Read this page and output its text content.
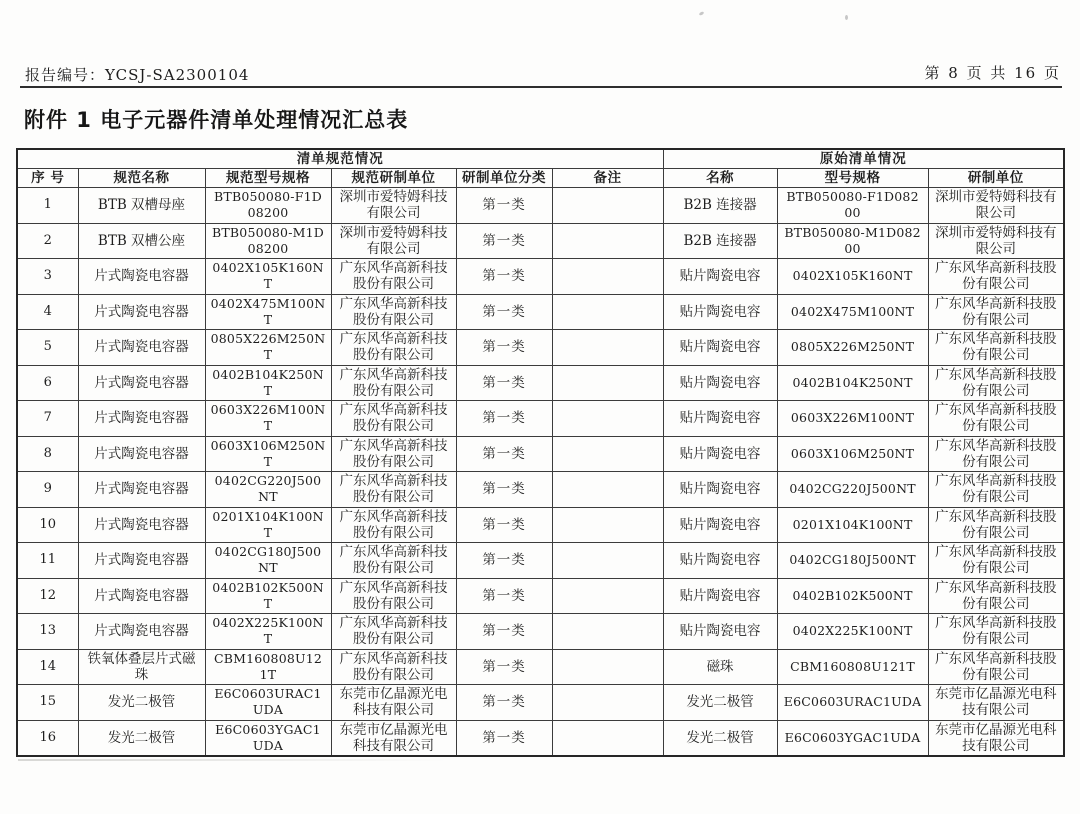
报告编号：YCSJ-SA2300104	第 8 页 共 16 页
附件 1 电子元器件清单处理情况汇总表
清单规范情况						原始清单情况		
序 号	规范名称	规范型号规格	规范研制单位	研制单位分类	备注	名称	型号规格	研制单位
1	BTB 双槽母座	BTB050080-F1D08200	深圳市爱特姆科技有限公司	第一类		B2B 连接器	BTB050080-F1D08200	深圳市爱特姆科技有限公司
2	BTB 双槽公座	BTB050080-M1D08200	深圳市爱特姆科技有限公司	第一类		B2B 连接器	BTB050080-M1D08200	深圳市爱特姆科技有限公司
3	片式陶瓷电容器	0402X105K160NT	广东风华高新科技股份有限公司	第一类		贴片陶瓷电容	0402X105K160NT	广东风华高新科技股份有限公司
4	片式陶瓷电容器	0402X475M100NT	广东风华高新科技股份有限公司	第一类		贴片陶瓷电容	0402X475M100NT	广东风华高新科技股份有限公司
5	片式陶瓷电容器	0805X226M250NT	广东风华高新科技股份有限公司	第一类		贴片陶瓷电容	0805X226M250NT	广东风华高新科技股份有限公司
6	片式陶瓷电容器	0402B104K250NT	广东风华高新科技股份有限公司	第一类		贴片陶瓷电容	0402B104K250NT	广东风华高新科技股份有限公司
7	片式陶瓷电容器	0603X226M100NT	广东风华高新科技股份有限公司	第一类		贴片陶瓷电容	0603X226M100NT	广东风华高新科技股份有限公司
8	片式陶瓷电容器	0603X106M250NT	广东风华高新科技股份有限公司	第一类		贴片陶瓷电容	0603X106M250NT	广东风华高新科技股份有限公司
9	片式陶瓷电容器	0402CG220J500NT	广东风华高新科技股份有限公司	第一类		贴片陶瓷电容	0402CG220J500NT	广东风华高新科技股份有限公司
10	片式陶瓷电容器	0201X104K100NT	广东风华高新科技股份有限公司	第一类		贴片陶瓷电容	0201X104K100NT	广东风华高新科技股份有限公司
11	片式陶瓷电容器	0402CG180J500NT	广东风华高新科技股份有限公司	第一类		贴片陶瓷电容	0402CG180J500NT	广东风华高新科技股份有限公司
12	片式陶瓷电容器	0402B102K500NT	广东风华高新科技股份有限公司	第一类		贴片陶瓷电容	0402B102K500NT	广东风华高新科技股份有限公司
13	片式陶瓷电容器	0402X225K100NT	广东风华高新科技股份有限公司	第一类		贴片陶瓷电容	0402X225K100NT	广东风华高新科技股份有限公司
14	铁氧体叠层片式磁珠	CBM160808U121T	广东风华高新科技股份有限公司	第一类		磁珠	CBM160808U121T	广东风华高新科技股份有限公司
15	发光二极管	E6C0603URAC1UDA	东莞市亿晶源光电科技有限公司	第一类		发光二极管	E6C0603URAC1UDA	东莞市亿晶源光电科技有限公司
16	发光二极管	E6C0603YGAC1UDA	东莞市亿晶源光电科技有限公司	第一类		发光二极管	E6C0603YGAC1UDA	东莞市亿晶源光电科技有限公司
